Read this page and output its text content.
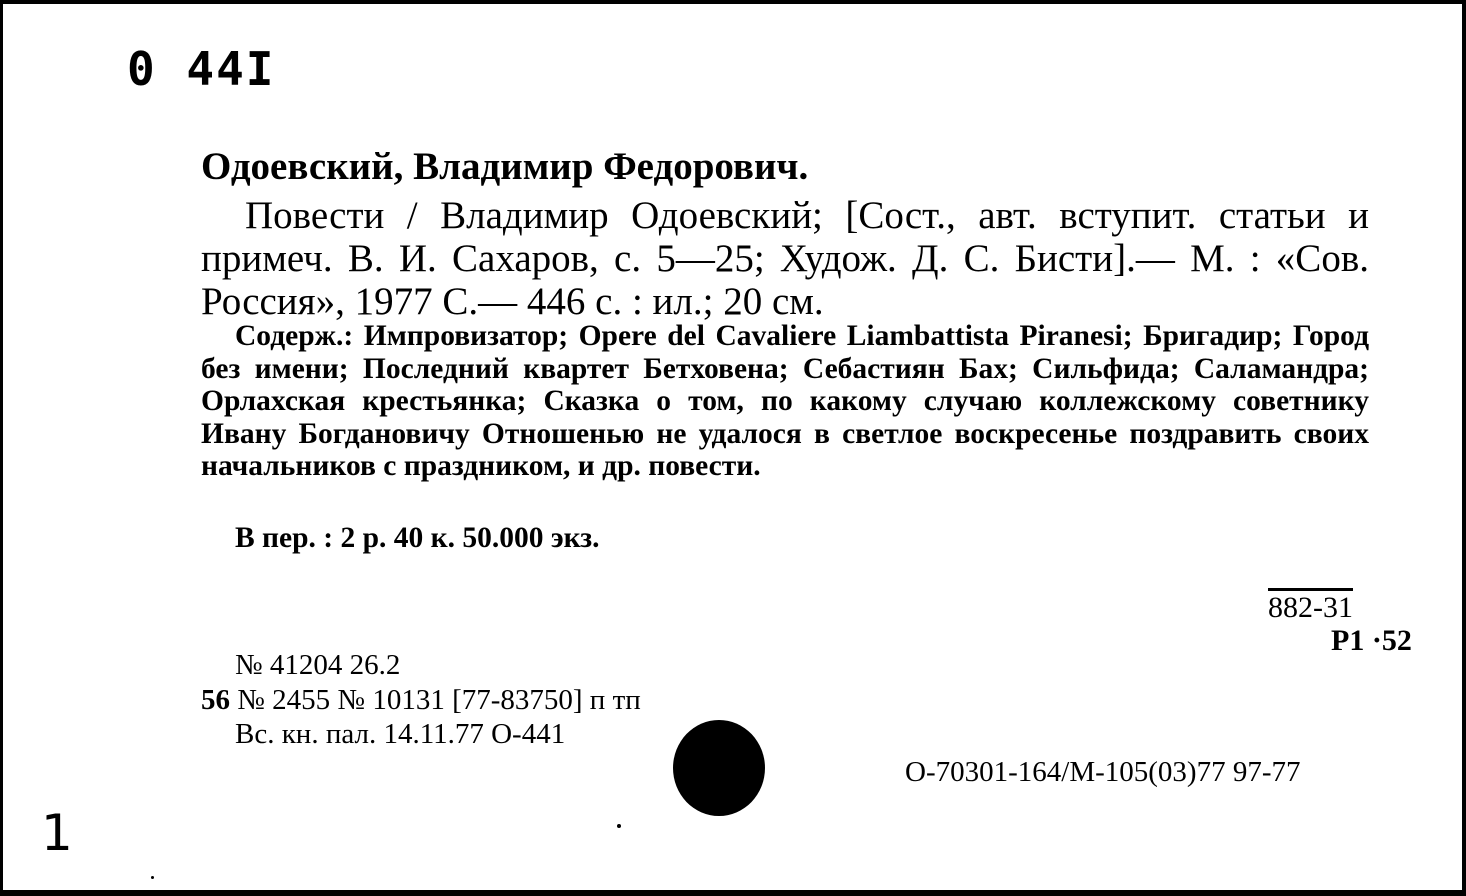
0 44I
Одоевский, Владимир Федорович.
Повести / Владимир Одоевский; [Сост., авт. вступит. статьи и примеч. В. И. Сахаров, с. 5—25; Худож. Д. С. Бисти].— М. : «Сов. Россия», 1977 С.— 446 с. : ил.; 20 см.
Содерж.: Импровизатор; Opere del Cavaliere Liambattista Piranesi; Бригадир; Город без имени; Последний квартет Бетховена; Себастиян Бах; Сильфида; Саламандра; Орлахская крестьянка; Сказка о том, по какому случаю коллежскому советнику Ивану Богдановичу Отношенью не удалося в светлое воскресенье поздравить своих начальников с праздником, и др. повести.
В пер. : 2 р. 40 к. 50.000 экз.
882-31
Р1 ·52
№ 41204 26.2
56 № 2455 № 10131 [77-83750] п тп
Вс. кн. пал. 14.11.77 О-441
О-70301-164/М-105(03)77 97-77
1
